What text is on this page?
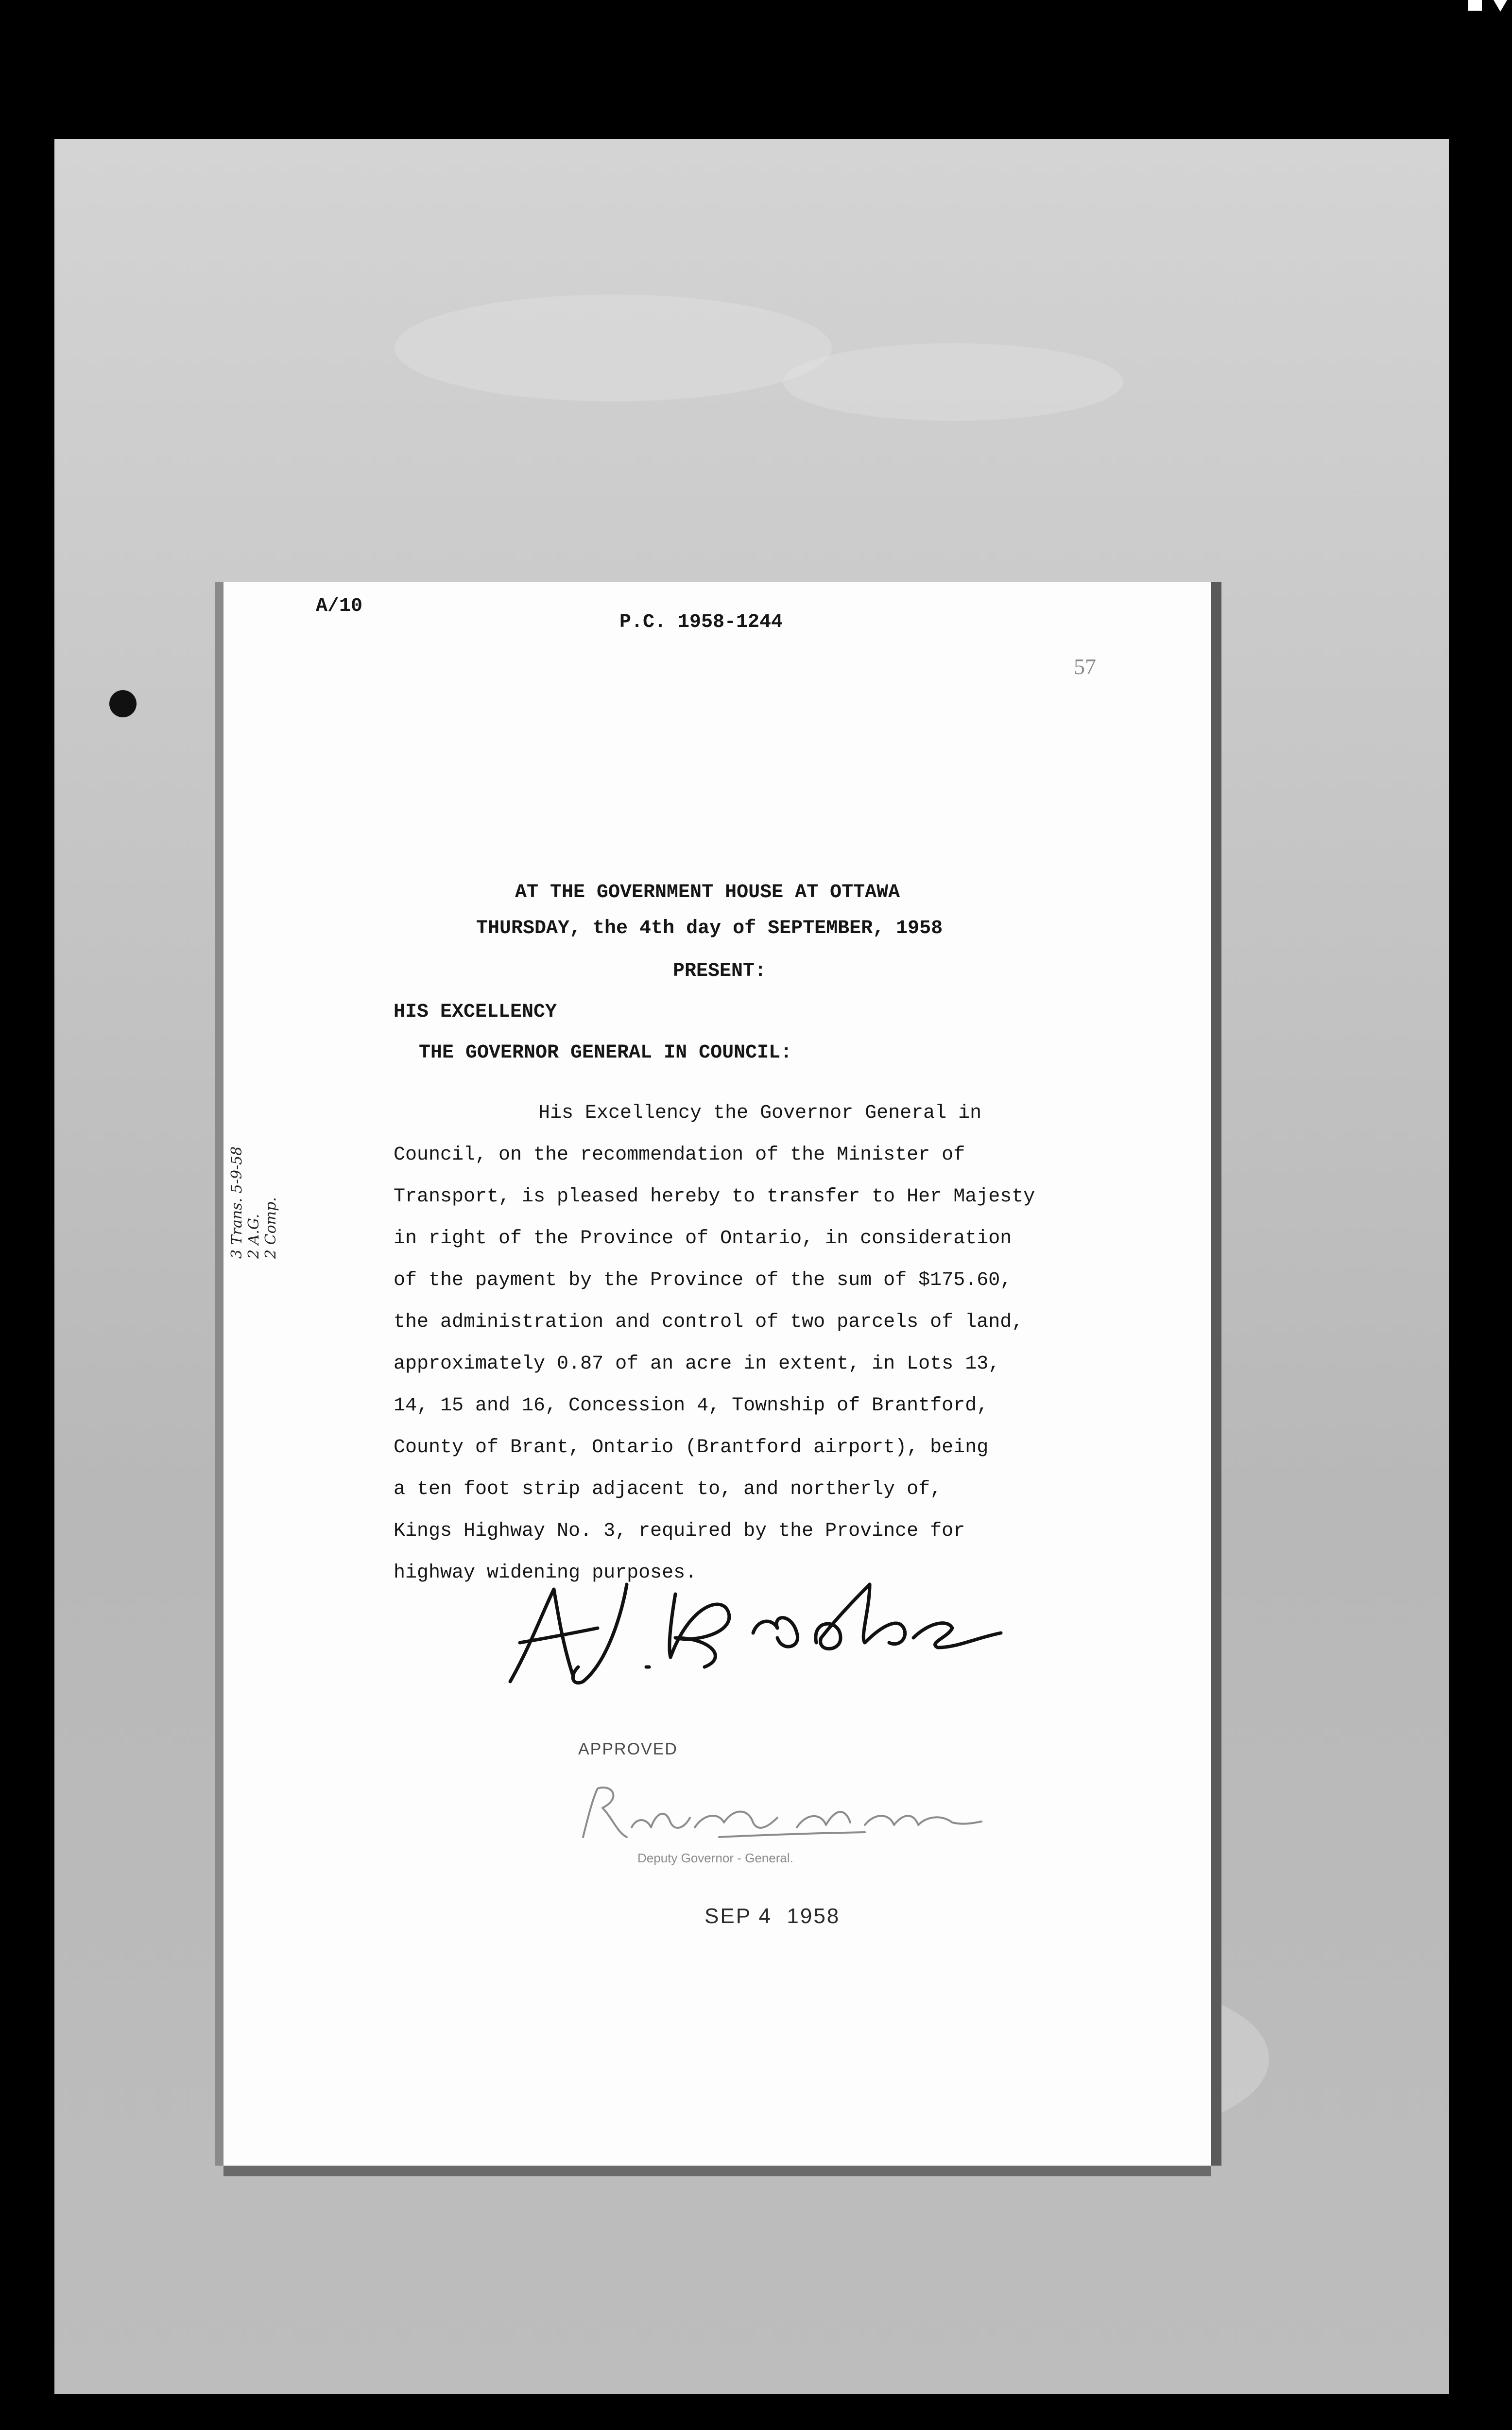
A/10
P.C. 1958-1244
57
AT THE GOVERNMENT HOUSE AT OTTAWA
THURSDAY, the 4th day of SEPTEMBER, 1958
PRESENT:
HIS EXCELLENCY
THE GOVERNOR GENERAL IN COUNCIL:
His Excellency the Governor General in
Council, on the recommendation of the Minister of
Transport, is pleased hereby to transfer to Her Majesty
in right of the Province of Ontario, in consideration
of the payment by the Province of the sum of $175.60,
the administration and control of two parcels of land,
approximately 0.87 of an acre in extent, in Lots 13,
14, 15 and 16, Concession 4, Township of Brantford,
County of Brant, Ontario (Brantford airport), being
a ten foot strip adjacent to, and northerly of,
Kings Highway No. 3, required by the Province for
highway widening purposes.
3 Trans. 5-9-58
2 A.G.
2 Comp.
APPROVED
Deputy Governor - General.
SEP 4  1958
